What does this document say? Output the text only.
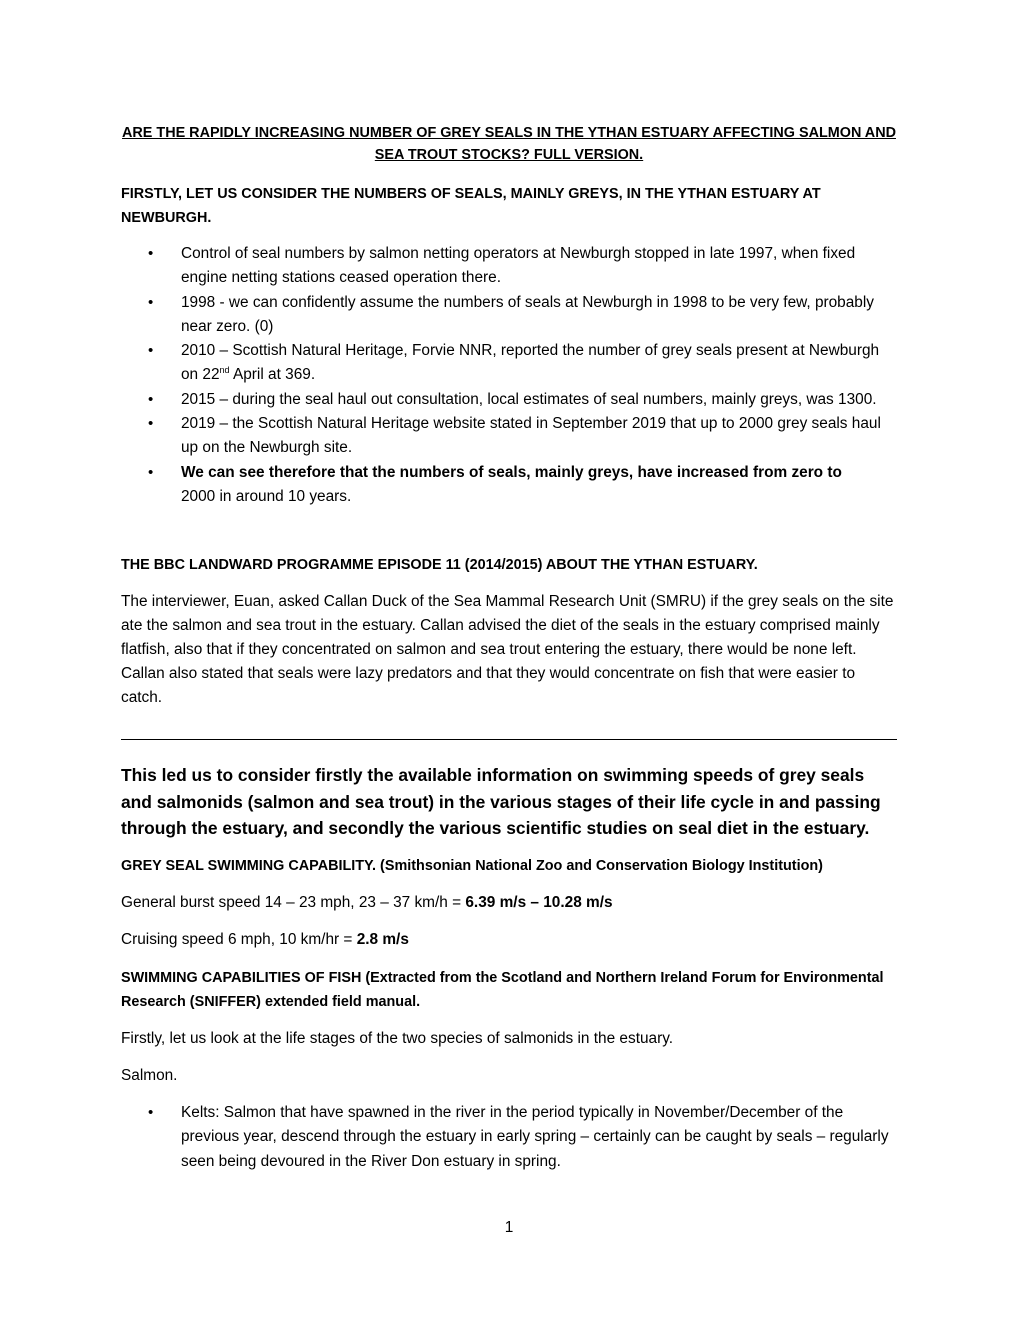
ARE THE RAPIDLY INCREASING NUMBER OF GREY SEALS IN THE YTHAN ESTUARY AFFECTING SALMON AND SEA TROUT STOCKS? FULL VERSION.

FIRSTLY, LET US CONSIDER THE NUMBERS OF SEALS, MAINLY GREYS, IN THE YTHAN ESTUARY AT NEWBURGH.

• Control of seal numbers by salmon netting operators at Newburgh stopped in late 1997, when fixed engine netting stations ceased operation there.
• 1998 - we can confidently assume the numbers of seals at Newburgh in 1998 to be very few, probably near zero. (0)
• 2010 – Scottish Natural Heritage, Forvie NNR, reported the number of grey seals present at Newburgh on 22nd April at 369.
• 2015 – during the seal haul out consultation, local estimates of seal numbers, mainly greys, was 1300.
• 2019 – the Scottish Natural Heritage website stated in September 2019 that up to 2000 grey seals haul up on the Newburgh site.
• We can see therefore that the numbers of seals, mainly greys, have increased from zero to
2000 in around 10 years.

THE BBC LANDWARD PROGRAMME EPISODE 11 (2014/2015) ABOUT THE YTHAN ESTUARY.

The interviewer, Euan, asked Callan Duck of the Sea Mammal Research Unit (SMRU) if the grey seals on the site ate the salmon and sea trout in the estuary. Callan advised the diet of the seals in the estuary comprised mainly flatfish, also that if they concentrated on salmon and sea trout entering the estuary, there would be none left. Callan also stated that seals were lazy predators and that they would concentrate on fish that were easier to catch.

This led us to consider firstly the available information on swimming speeds of grey seals and salmonids (salmon and sea trout) in the various stages of their life cycle in and passing through the estuary, and secondly the various scientific studies on seal diet in the estuary.

GREY SEAL SWIMMING CAPABILITY. (Smithsonian National Zoo and Conservation Biology Institution)

General burst speed 14 – 23 mph, 23 – 37 km/h = 6.39 m/s – 10.28 m/s

Cruising speed 6 mph, 10 km/hr = 2.8 m/s

SWIMMING CAPABILITIES OF FISH (Extracted from the Scotland and Northern Ireland Forum for Environmental Research (SNIFFER) extended field manual.

Firstly, let us look at the life stages of the two species of salmonids in the estuary.

Salmon.

• Kelts: Salmon that have spawned in the river in the period typically in November/December of the previous year, descend through the estuary in early spring – certainly can be caught by seals – regularly seen being devoured in the River Don estuary in spring.
1
